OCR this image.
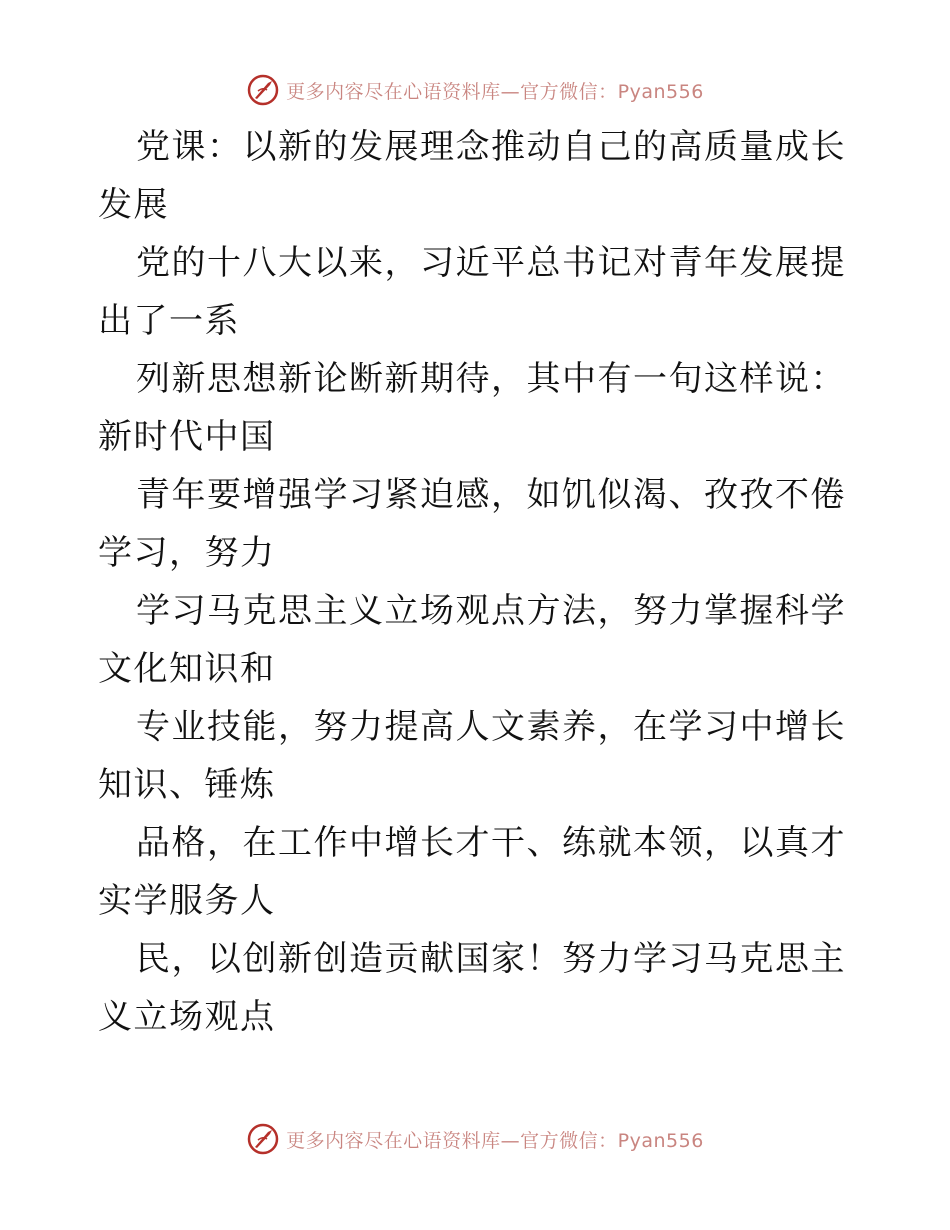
更多内容尽在心语资料库—官方微信：Pyan556

党课：以新的发展理念推动自己的高质量成长发展

党的十八大以来，习近平总书记对青年发展提出了一系

列新思想新论断新期待，其中有一句这样说：新时代中国

青年要增强学习紧迫感，如饥似渴、孜孜不倦学习，努力

学习马克思主义立场观点方法，努力掌握科学文化知识和

专业技能，努力提高人文素养，在学习中增长知识、锤炼

品格，在工作中增长才干、练就本领，以真才实学服务人

民，以创新创造贡献国家！努力学习马克思主义立场观点

更多内容尽在心语资料库—官方微信：Pyan556
